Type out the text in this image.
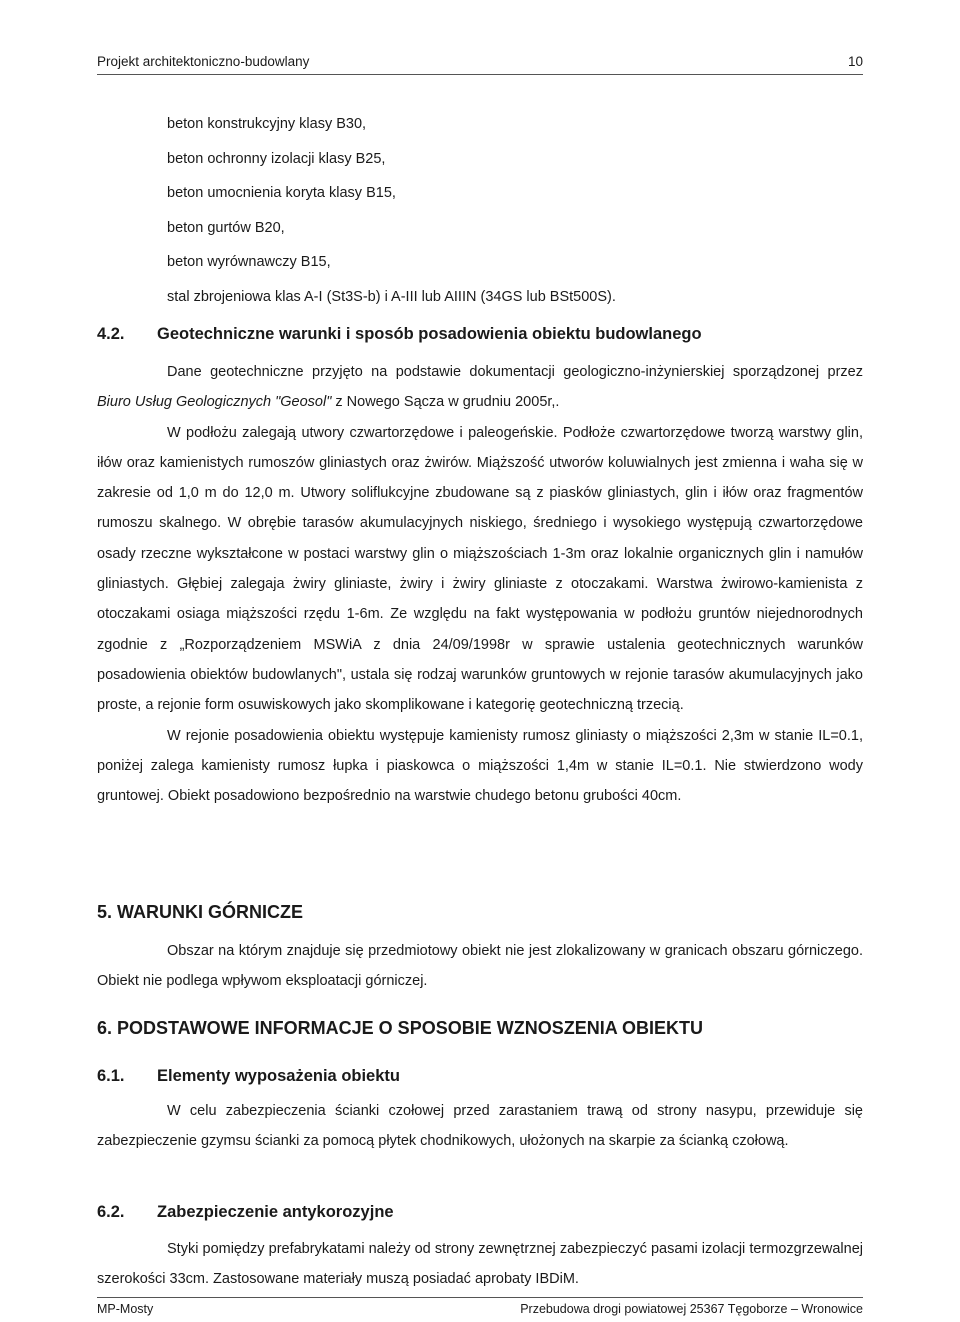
Projekt architektoniczno-budowlany	10
beton konstrukcyjny klasy B30,
beton ochronny izolacji klasy B25,
beton umocnienia koryta klasy B15,
beton gurtów B20,
beton wyrównawczy B15,
stal zbrojeniowa klas A-I (St3S-b) i A-III lub AIIIN (34GS lub BSt500S).
4.2. Geotechniczne warunki i sposób posadowienia obiektu budowlanego

Dane geotechniczne przyjęto na podstawie dokumentacji geologiczno-inżynierskiej sporządzonej przez Biuro Usług Geologicznych "Geosol" z Nowego Sącza w grudniu 2005r,.

W podłożu zalegają utwory czwartorzędowe i paleogeńskie. Podłoże czwartorzędowe tworzą warstwy glin, iłów oraz kamienistych rumoszów gliniastych oraz żwirów. Miąższość utworów koluwialnych jest zmienna i waha się w zakresie od 1,0 m do 12,0 m. Utwory soliflukcyjne zbudowane są z piasków gliniastych, glin i iłów oraz fragmentów rumoszu skalnego. W obrębie tarasów akumulacyjnych niskiego, średniego i wysokiego występują czwartorzędowe osady rzeczne wykształcone w postaci warstwy glin o miąższościach 1-3m oraz lokalnie organicznych glin i namułów gliniastych. Głębiej zalegaja żwiry gliniaste, żwiry i żwiry gliniaste z otoczakami. Warstwa żwirowo-kamienista z otoczakami osiaga miąższości rzędu 1-6m. Ze względu na fakt występowania w podłożu gruntów niejednorodnych zgodnie z „Rozporządzeniem MSWiA z dnia 24/09/1998r w sprawie ustalenia geotechnicznych warunków posadowienia obiektów budowlanych", ustala się rodzaj warunków gruntowych w rejonie tarasów akumulacyjnych jako proste, a rejonie form osuwiskowych jako skomplikowane i kategorię geotechniczną trzecią.

W rejonie posadowienia obiektu występuje kamienisty rumosz gliniasty o miąższości 2,3m w stanie IL=0.1, poniżej zalega kamienisty rumosz łupka i piaskowca o miąższości 1,4m w stanie IL=0.1. Nie stwierdzono wody gruntowej. Obiekt posadowiono bezpośrednio na warstwie chudego betonu grubości 40cm.

5. WARUNKI GÓRNICZE

Obszar na którym znajduje się przedmiotowy obiekt nie jest zlokalizowany w granicach obszaru górniczego. Obiekt nie podlega wpływom eksploatacji górniczej.

6. PODSTAWOWE INFORMACJE O SPOSOBIE WZNOSZENIA OBIEKTU
6.1. Elementy wyposażenia obiektu

W celu zabezpieczenia ścianki czołowej przed zarastaniem trawą od strony nasypu, przewiduje się zabezpieczenie gzymsu ścianki za pomocą płytek chodnikowych, ułożonych na skarpie za ścianką czołową.

6.2. Zabezpieczenie antykorozyjne

Styki pomiędzy prefabrykatami należy od strony zewnętrznej zabezpieczyć pasami izolacji termozgrzewalnej szerokości 33cm. Zastosowane materiały muszą posiadać aprobaty IBDiM.

MP-Mosty	Przebudowa drogi powiatowej 25367 Tęgoborze – Wronowice
